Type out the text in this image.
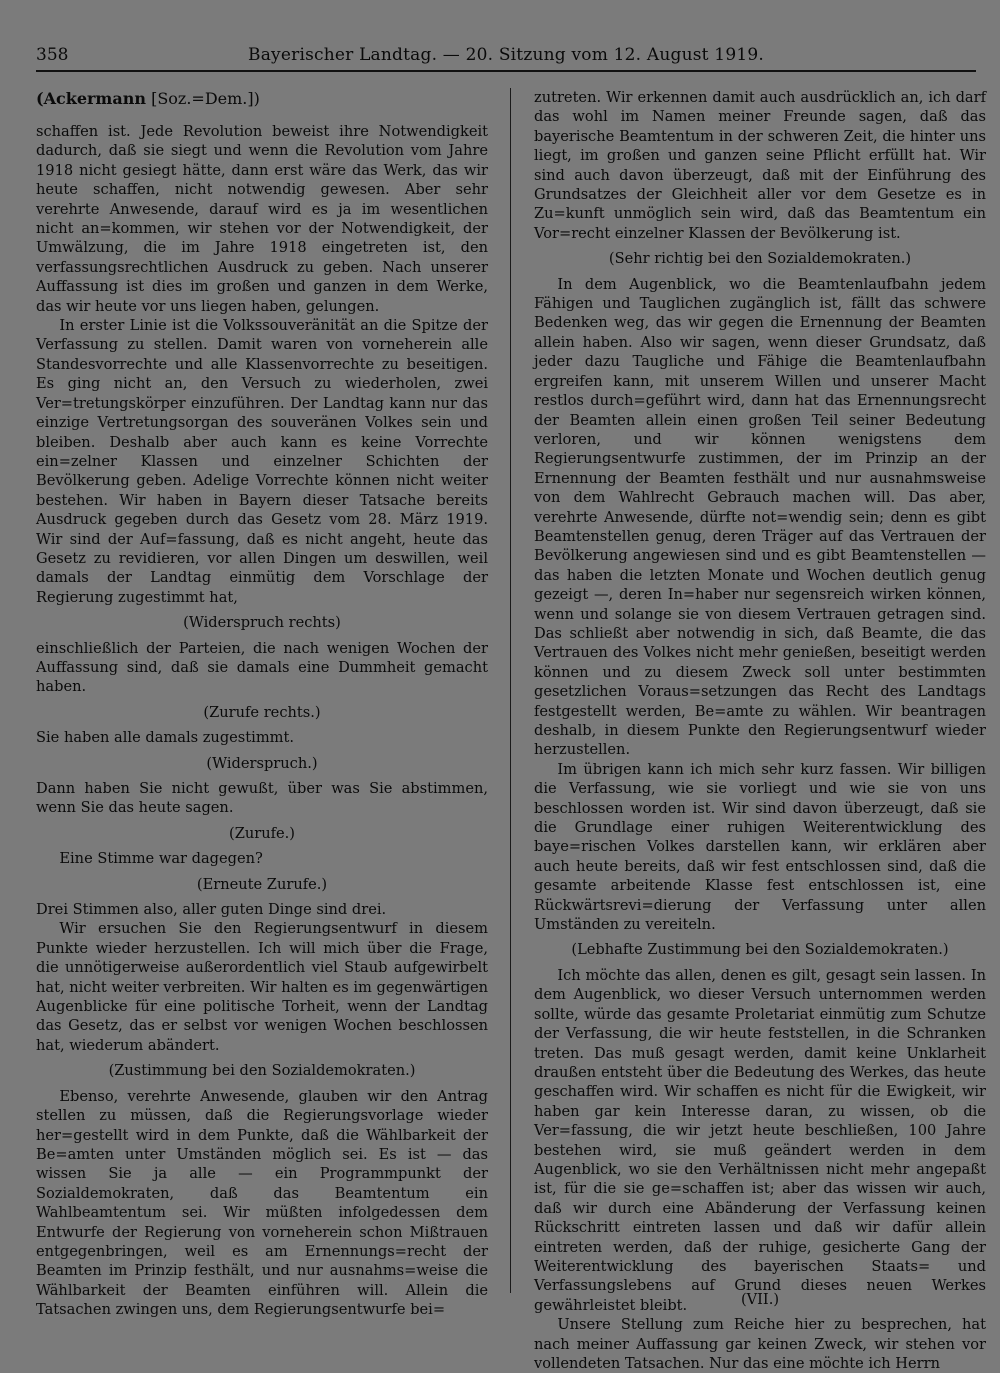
358	Bayerischer Landtag. — 20. Sitzung vom 12. August 1919.

(Ackermann [Soz.=Dem.])

schaffen ist. Jede Revolution beweist ihre Notwendigkeit dadurch, daß sie siegt und wenn die Revolution vom Jahre 1918 nicht gesiegt hätte, dann erst wäre das Werk, das wir heute schaffen, nicht notwendig gewesen. Aber sehr verehrte Anwesende, darauf wird es ja im wesentlichen nicht an=kommen, wir stehen vor der Notwendigkeit, der Umwälzung, die im Jahre 1918 eingetreten ist, den verfassungsrechtlichen Ausdruck zu geben. Nach unserer Auffassung ist dies im großen und ganzen in dem Werke, das wir heute vor uns liegen haben, gelungen.

In erster Linie ist die Volkssouveränität an die Spitze der Verfassung zu stellen. Damit waren von vorneherein alle Standesvorrechte und alle Klassenvorrechte zu beseitigen. Es ging nicht an, den Versuch zu wiederholen, zwei Ver=tretungskörper einzuführen. Der Landtag kann nur das einzige Vertretungsorgan des souveränen Volkes sein und bleiben. Deshalb aber auch kann es keine Vorrechte ein=zelner Klassen und einzelner Schichten der Bevölkerung geben. Adelige Vorrechte können nicht weiter bestehen. Wir haben in Bayern dieser Tatsache bereits Ausdruck gegeben durch das Gesetz vom 28. März 1919. Wir sind der Auf=fassung, daß es nicht angeht, heute das Gesetz zu revidieren, vor allen Dingen um deswillen, weil damals der Landtag einmütig dem Vorschlage der Regierung zugestimmt hat,

(Widerspruch rechts)

einschließlich der Parteien, die nach wenigen Wochen der Auffassung sind, daß sie damals eine Dummheit gemacht haben.

(Zurufe rechts.)

Sie haben alle damals zugestimmt.

(Widerspruch.)

Dann haben Sie nicht gewußt, über was Sie abstimmen, wenn Sie das heute sagen.

(Zurufe.)

Eine Stimme war dagegen?

(Erneute Zurufe.)

Drei Stimmen also, aller guten Dinge sind drei.

Wir ersuchen Sie den Regierungsentwurf in diesem Punkte wieder herzustellen. Ich will mich über die Frage, die unnötigerweise außerordentlich viel Staub aufgewirbelt hat, nicht weiter verbreiten. Wir halten es im gegenwärtigen Augenblicke für eine politische Torheit, wenn der Landtag das Gesetz, das er selbst vor wenigen Wochen beschlossen hat, wiederum abändert.

(Zustimmung bei den Sozialdemokraten.)

Ebenso, verehrte Anwesende, glauben wir den Antrag stellen zu müssen, daß die Regierungsvorlage wieder her=gestellt wird in dem Punkte, daß die Wählbarkeit der Be=amten unter Umständen möglich sei. Es ist — das wissen Sie ja alle — ein Programmpunkt der Sozialdemokraten, daß das Beamtentum ein Wahlbeamtentum sei. Wir müßten infolgedessen dem Entwurfe der Regierung von vorneherein schon Mißtrauen entgegenbringen, weil es am Ernennungs=recht der Beamten im Prinzip festhält, und nur ausnahms=weise die Wählbarkeit der Beamten einführen will. Allein die Tatsachen zwingen uns, dem Regierungsentwurfe bei=

zutreten. Wir erkennen damit auch ausdrücklich an, ich darf das wohl im Namen meiner Freunde sagen, daß das bayerische Beamtentum in der schweren Zeit, die hinter uns liegt, im großen und ganzen seine Pflicht erfüllt hat. Wir sind auch davon überzeugt, daß mit der Einführung des Grundsatzes der Gleichheit aller vor dem Gesetze es in Zu=kunft unmöglich sein wird, daß das Beamtentum ein Vor=recht einzelner Klassen der Bevölkerung ist.

(Sehr richtig bei den Sozialdemokraten.)

In dem Augenblick, wo die Beamtenlaufbahn jedem Fähigen und Tauglichen zugänglich ist, fällt das schwere Bedenken weg, das wir gegen die Ernennung der Beamten allein haben. Also wir sagen, wenn dieser Grundsatz, daß jeder dazu Taugliche und Fähige die Beamtenlaufbahn ergreifen kann, mit unserem Willen und unserer Macht restlos durch=geführt wird, dann hat das Ernennungsrecht der Beamten allein einen großen Teil seiner Bedeutung verloren, und wir können wenigstens dem Regierungsentwurfe zustimmen, der im Prinzip an der Ernennung der Beamten festhält und nur ausnahmsweise von dem Wahlrecht Gebrauch machen will. Das aber, verehrte Anwesende, dürfte not=wendig sein; denn es gibt Beamtenstellen genug, deren Träger auf das Vertrauen der Bevölkerung angewiesen sind und es gibt Beamtenstellen — das haben die letzten Monate und Wochen deutlich genug gezeigt —, deren In=haber nur segensreich wirken können, wenn und solange sie von diesem Vertrauen getragen sind. Das schließt aber notwendig in sich, daß Beamte, die das Vertrauen des Volkes nicht mehr genießen, beseitigt werden können und zu diesem Zweck soll unter bestimmten gesetzlichen Voraus=setzungen das Recht des Landtags festgestellt werden, Be=amte zu wählen. Wir beantragen deshalb, in diesem Punkte den Regierungsentwurf wieder herzustellen.

Im übrigen kann ich mich sehr kurz fassen. Wir billigen die Verfassung, wie sie vorliegt und wie sie von uns beschlossen worden ist. Wir sind davon überzeugt, daß sie die Grundlage einer ruhigen Weiterentwicklung des baye=rischen Volkes darstellen kann, wir erklären aber auch heute bereits, daß wir fest entschlossen sind, daß die gesamte arbeitende Klasse fest entschlossen ist, eine Rückwärtsrevi=dierung der Verfassung unter allen Umständen zu vereiteln.

(Lebhafte Zustimmung bei den Sozialdemokraten.)

Ich möchte das allen, denen es gilt, gesagt sein lassen. In dem Augenblick, wo dieser Versuch unternommen werden sollte, würde das gesamte Proletariat einmütig zum Schutze der Verfassung, die wir heute feststellen, in die Schranken treten. Das muß gesagt werden, damit keine Unklarheit draußen entsteht über die Bedeutung des Werkes, das heute geschaffen wird. Wir schaffen es nicht für die Ewigkeit, wir haben gar kein Interesse daran, zu wissen, ob die Ver=fassung, die wir jetzt heute beschließen, 100 Jahre bestehen wird, sie muß geändert werden in dem Augenblick, wo sie den Verhältnissen nicht mehr angepaßt ist, für die sie ge=schaffen ist; aber das wissen wir auch, daß wir durch eine Abänderung der Verfassung keinen Rückschritt eintreten lassen und daß wir dafür allein eintreten werden, daß der ruhige, gesicherte Gang der Weiterentwicklung des bayerischen Staats= und Verfassungslebens auf Grund dieses neuen Werkes gewährleistet bleibt.

Unsere Stellung zum Reiche hier zu besprechen, hat nach meiner Auffassung gar keinen Zweck, wir stehen vor vollendeten Tatsachen. Nur das eine möchte ich Herrn

(VII.)
